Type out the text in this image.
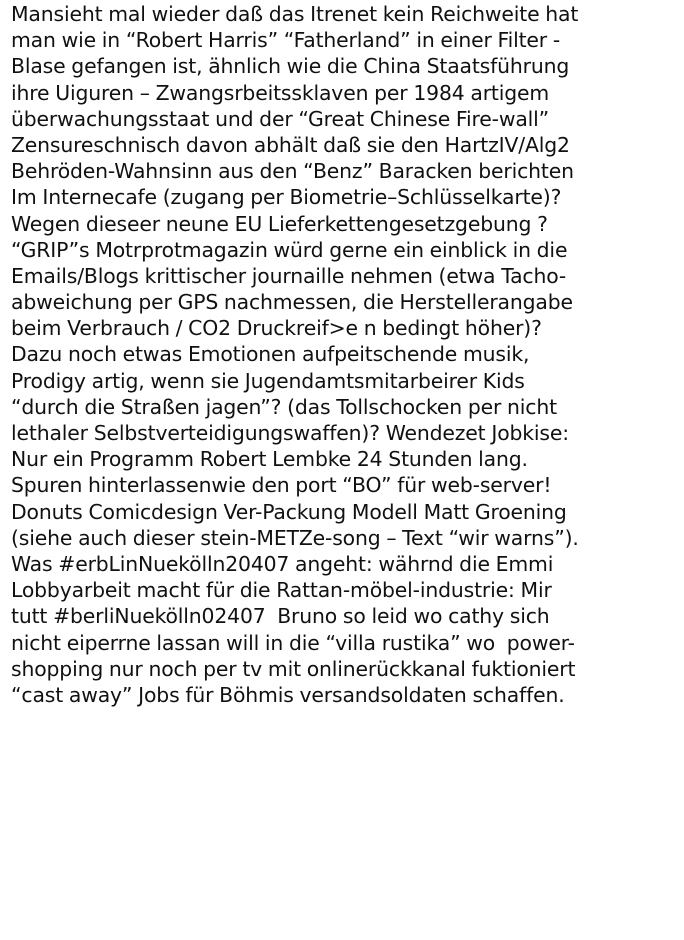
Mansieht mal wieder daß das Itrenet kein Reichweite hat
man wie in “Robert Harris” “Fatherland” in einer Filter -
Blase gefangen ist, ähnlich wie die China Staatsführung
ihre Uiguren – Zwangsrbeitssklaven per 1984 artigem
überwachungsstaat und der “Great Chinese Fire-wall”
Zensureschnisch davon abhält daß sie den HartzIV/Alg2
Behröden-Wahnsinn aus den “Benz” Baracken berichten
Im Internecafe (zugang per Biometrie–Schlüsselkarte)?
Wegen dieseer neune EU Lieferkettengesetzgebung ?
“GRIP”s Motrprotmagazin würd gerne ein einblick in die
Emails/Blogs krittischer journaille nehmen (etwa Tacho-
abweichung per GPS nachmessen, die Herstellerangabe
beim Verbrauch / CO2 Druckreif>e n bedingt höher)?
Dazu noch etwas Emotionen aufpeitschende musik,
Prodigy artig, wenn sie Jugendamtsmitarbeirer Kids
“durch die Straßen jagen”? (das Tollschocken per nicht
lethaler Selbstverteidigungswaffen)? Wendezet Jobkise:
Nur ein Programm Robert Lembke 24 Stunden lang.
Spuren hinterlassenwie den port “BO” für web-server!
Donuts Comicdesign Ver-Packung Modell Matt Groening
(siehe auch dieser stein-METZe-song – Text “wir warns”).
Was #erbLinNuekölln20407 angeht: währnd die Emmi
Lobbyarbeit macht für die Rattan-möbel-industrie: Mir
tutt #berliNuekölln02407  Bruno so leid wo cathy sich
nicht eiperrne lassan will in die “villa rustika” wo  power-
shopping nur noch per tv mit onlinerückkanal fuktioniert
“cast away” Jobs für Böhmis versandsoldaten schaffen.
